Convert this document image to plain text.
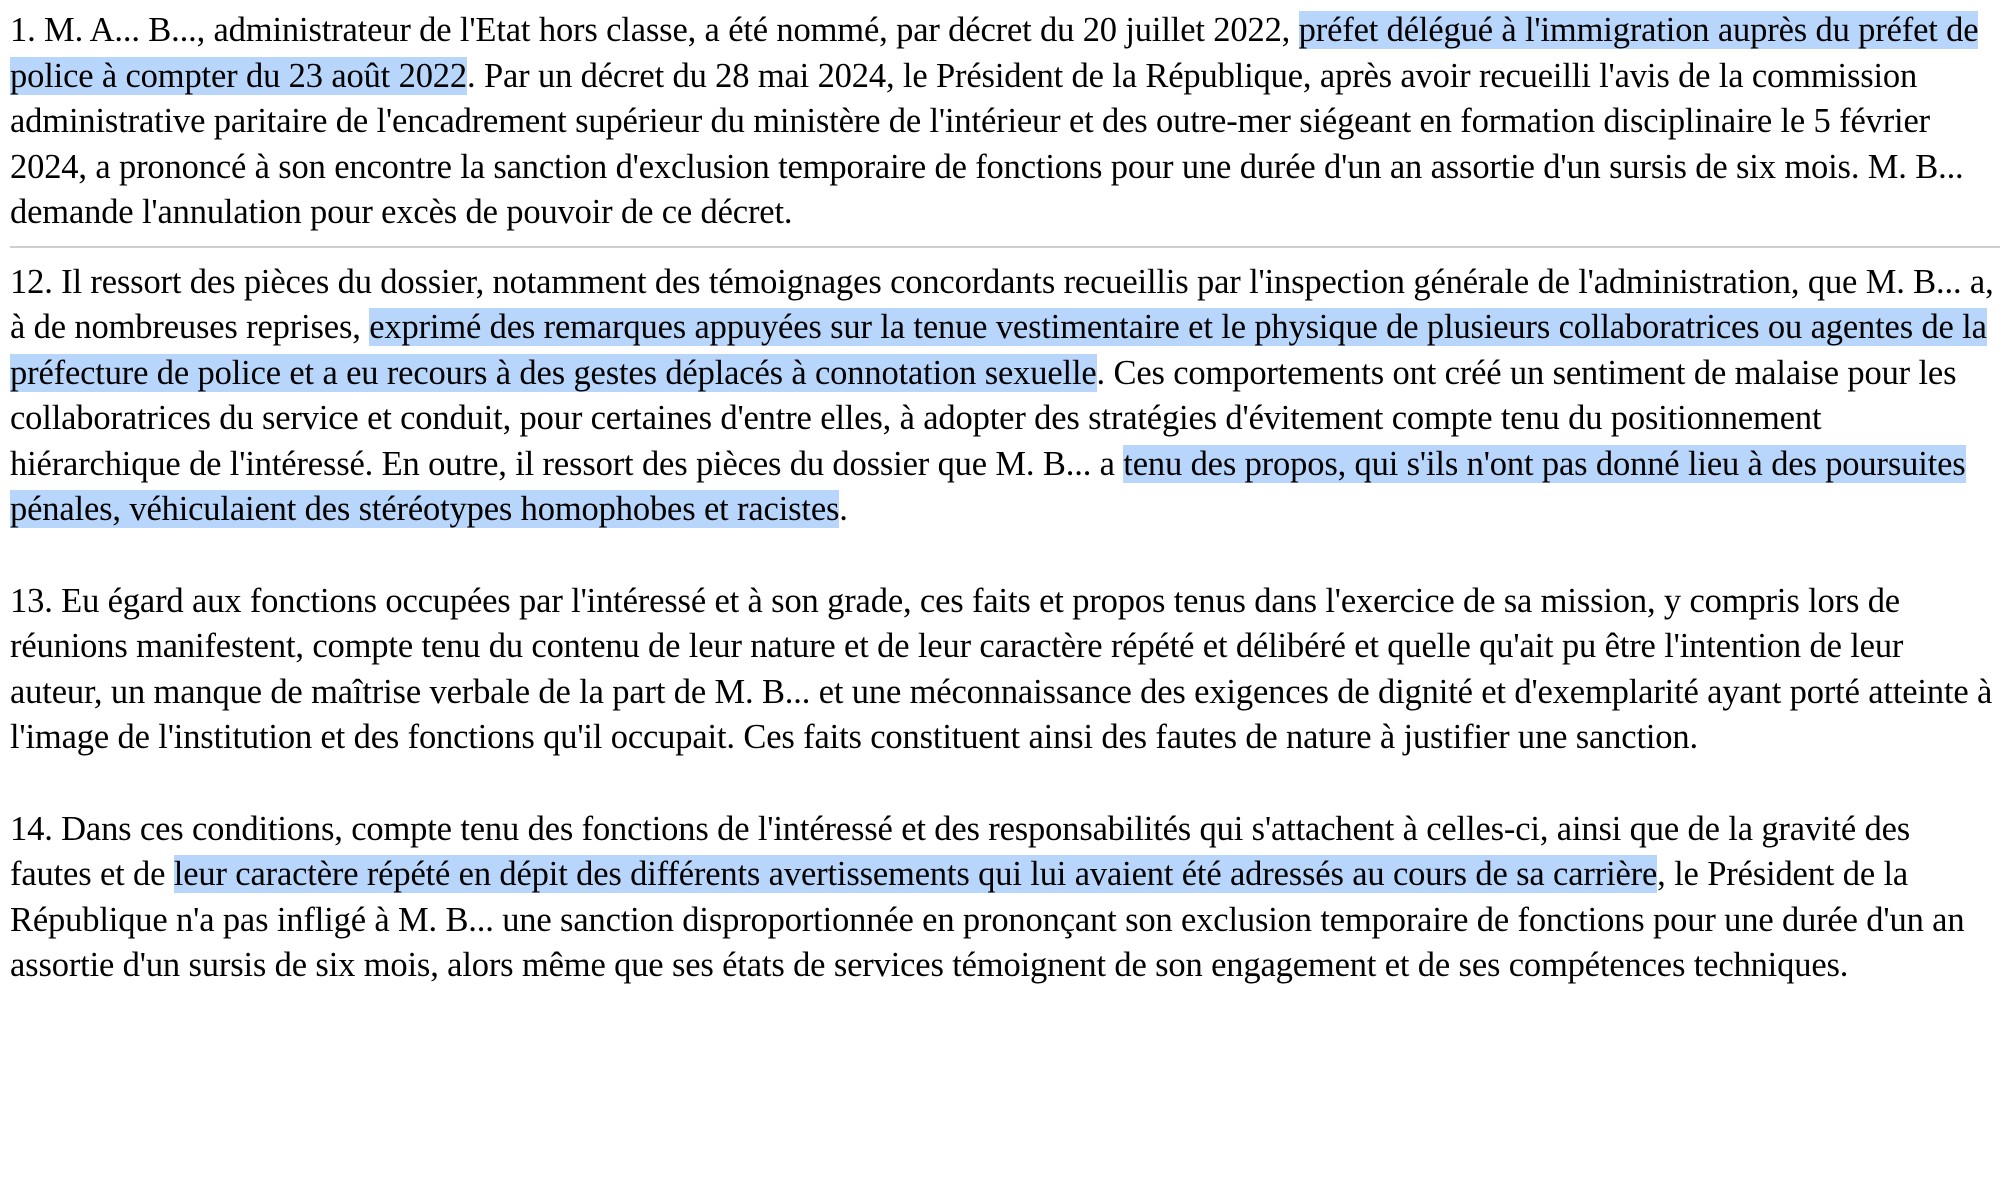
1. M. A... B..., administrateur de l'Etat hors classe, a été nommé, par décret du 20 juillet 2022, préfet délégué à l'immigration auprès du préfet de police à compter du 23 août 2022. Par un décret du 28 mai 2024, le Président de la République, après avoir recueilli l'avis de la commission administrative paritaire de l'encadrement supérieur du ministère de l'intérieur et des outre-mer siégeant en formation disciplinaire le 5 février 2024, a prononcé à son encontre la sanction d'exclusion temporaire de fonctions pour une durée d'un an assortie d'un sursis de six mois. M. B... demande l'annulation pour excès de pouvoir de ce décret.

12. Il ressort des pièces du dossier, notamment des témoignages concordants recueillis par l'inspection générale de l'administration, que M. B... a, à de nombreuses reprises, exprimé des remarques appuyées sur la tenue vestimentaire et le physique de plusieurs collaboratrices ou agentes de la préfecture de police et a eu recours à des gestes déplacés à connotation sexuelle. Ces comportements ont créé un sentiment de malaise pour les collaboratrices du service et conduit, pour certaines d'entre elles, à adopter des stratégies d'évitement compte tenu du positionnement hiérarchique de l'intéressé. En outre, il ressort des pièces du dossier que M. B... a tenu des propos, qui s'ils n'ont pas donné lieu à des poursuites pénales, véhiculaient des stéréotypes homophobes et racistes.

13. Eu égard aux fonctions occupées par l'intéressé et à son grade, ces faits et propos tenus dans l'exercice de sa mission, y compris lors de réunions manifestent, compte tenu du contenu de leur nature et de leur caractère répété et délibéré et quelle qu'ait pu être l'intention de leur auteur, un manque de maîtrise verbale de la part de M. B... et une méconnaissance des exigences de dignité et d'exemplarité ayant porté atteinte à l'image de l'institution et des fonctions qu'il occupait. Ces faits constituent ainsi des fautes de nature à justifier une sanction.

14. Dans ces conditions, compte tenu des fonctions de l'intéressé et des responsabilités qui s'attachent à celles-ci, ainsi que de la gravité des fautes et de leur caractère répété en dépit des différents avertissements qui lui avaient été adressés au cours de sa carrière, le Président de la République n'a pas infligé à M. B... une sanction disproportionnée en prononçant son exclusion temporaire de fonctions pour une durée d'un an assortie d'un sursis de six mois, alors même que ses états de services témoignent de son engagement et de ses compétences techniques.
